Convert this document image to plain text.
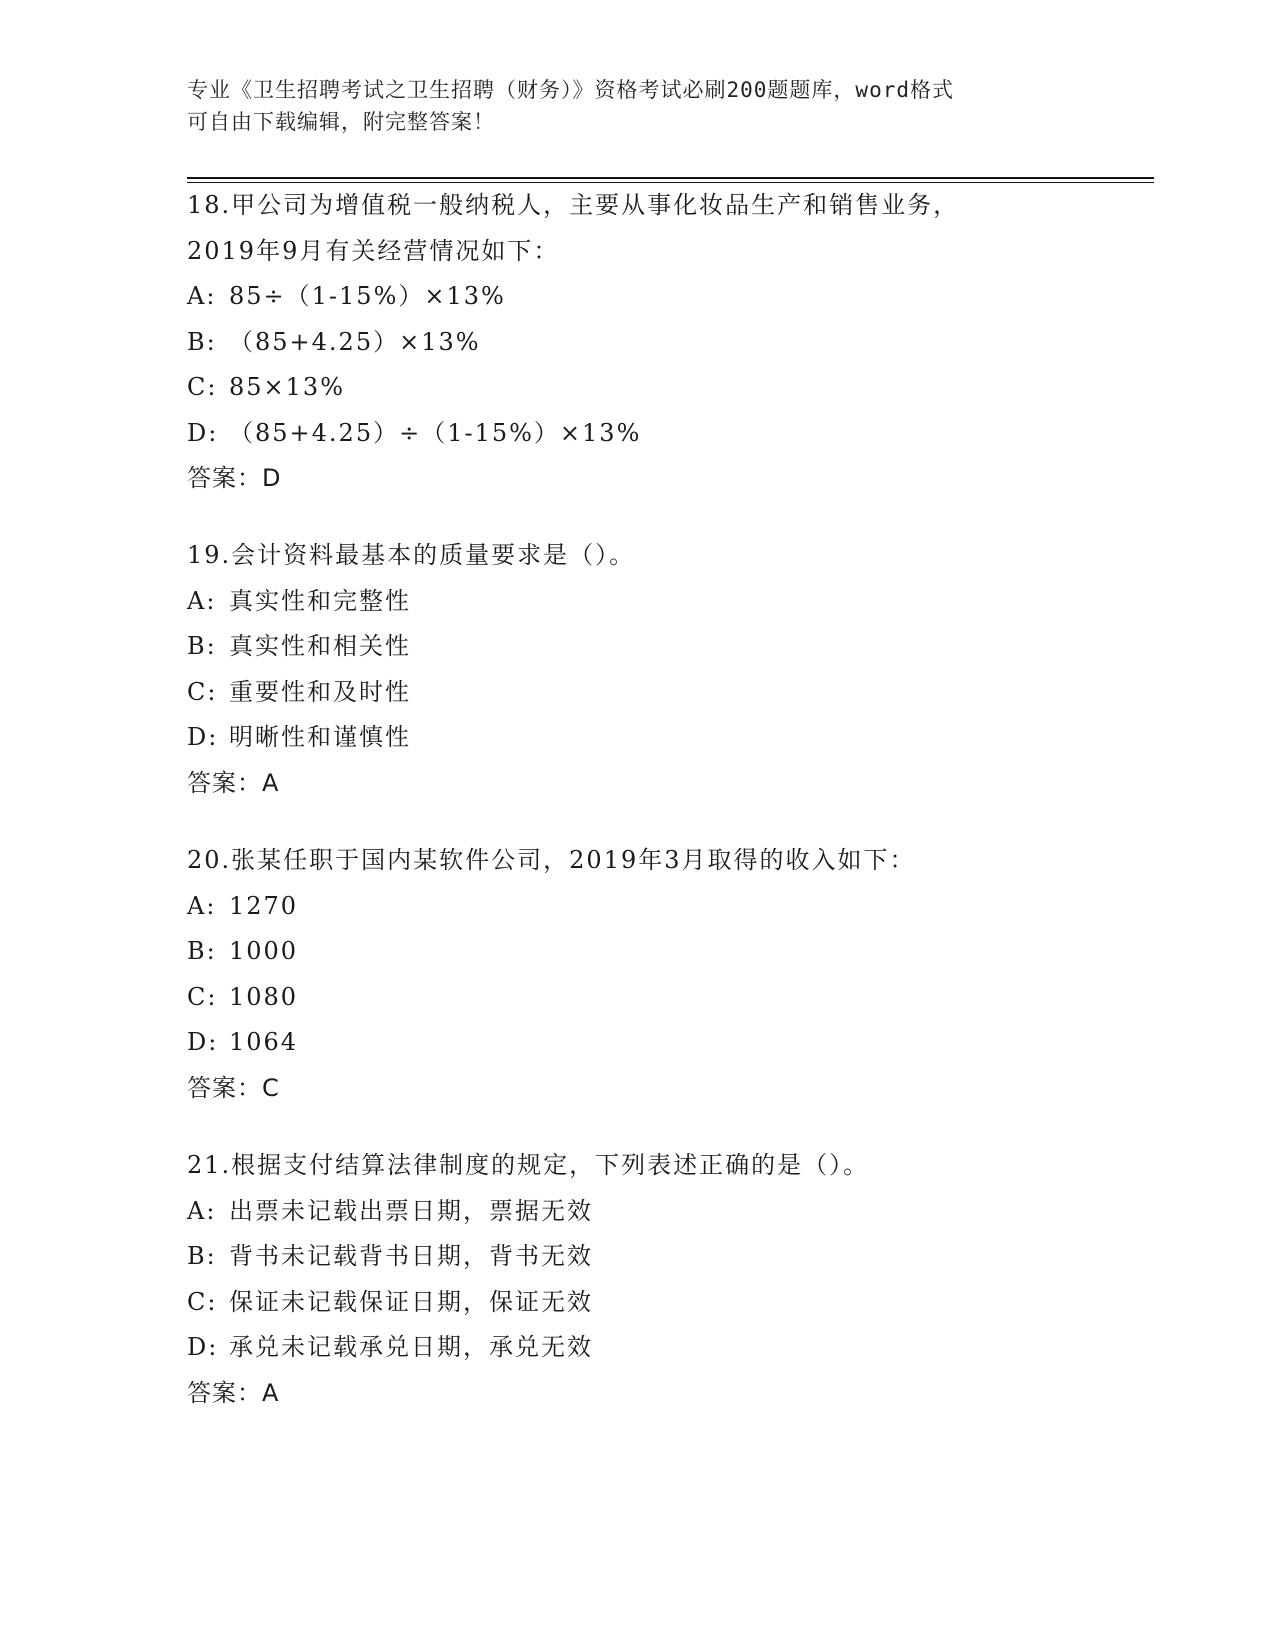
专业《卫生招聘考试之卫生招聘（财务）》资格考试必刷200题题库，word格式
可自由下载编辑，附完整答案！
18.甲公司为增值税一般纳税人，主要从事化妆品生产和销售业务，
2019年9月有关经营情况如下：
A: 85÷（1-15%）×13%
B: （85+4.25）×13%
C: 85×13%
D: （85+4.25）÷（1-15%）×13%
答案：D
19.会计资料最基本的质量要求是（）。
A: 真实性和完整性
B: 真实性和相关性
C: 重要性和及时性
D: 明晰性和谨慎性
答案：A
20.张某任职于国内某软件公司，2019年3月取得的收入如下：
A: 1270
B: 1000
C: 1080
D: 1064
答案：C
21.根据支付结算法律制度的规定，下列表述正确的是（）。
A: 出票未记载出票日期，票据无效
B: 背书未记载背书日期，背书无效
C: 保证未记载保证日期，保证无效
D: 承兑未记载承兑日期，承兑无效
答案：A
